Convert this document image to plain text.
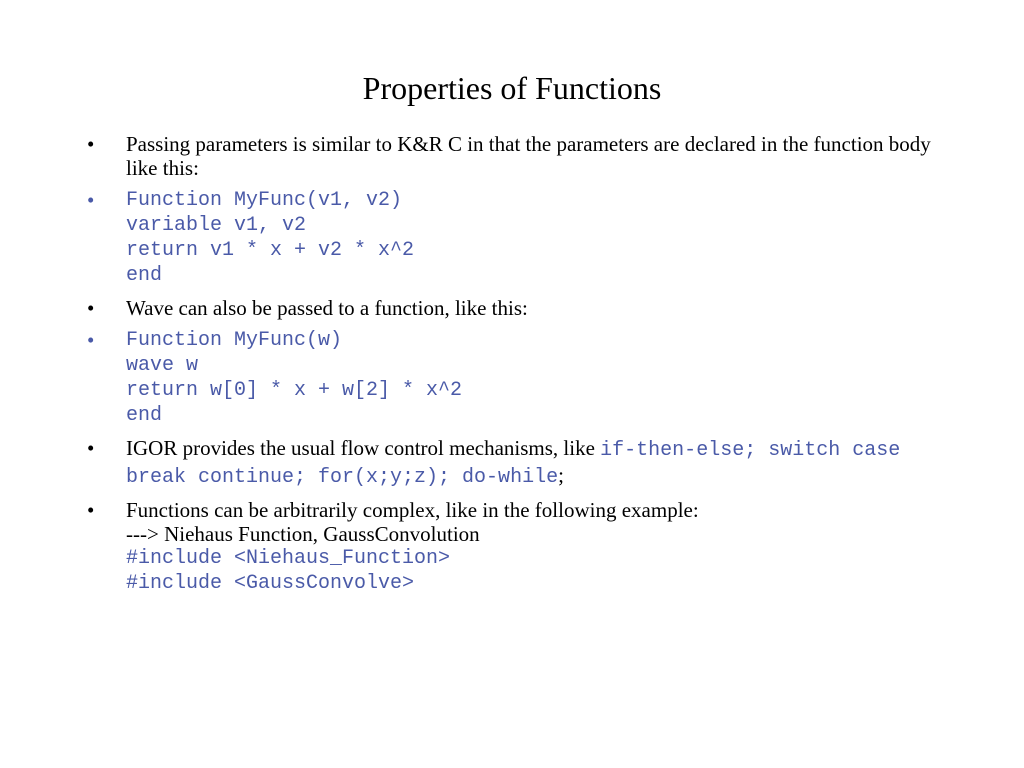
Properties of Functions
•	Passing parameters is similar to K&R C in that the parameters are declared in the function body like this:
•	Function MyFunc(v1, v2)
variable v1, v2
return v1 * x + v2 * x^2
end
•	Wave can also be passed to a function, like this:
•	Function MyFunc(w)
wave w
return w[0] * x + w[2] * x^2
end
•	IGOR provides the usual flow control mechanisms, like if-then-else; switch case break continue; for(x;y;z); do-while;
•	Functions can be arbitrarily complex, like in the following example:
---> Niehaus Function, GaussConvolution
#include <Niehaus_Function>
#include <GaussConvolve>
